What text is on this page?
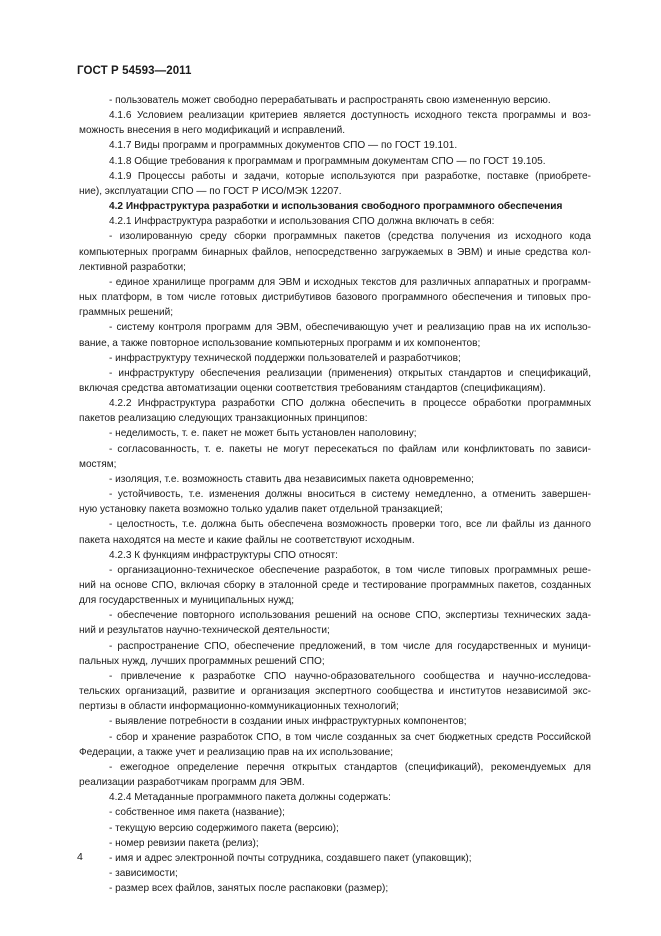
ГОСТ Р 54593—2011
- пользователь может свободно перерабатывать и распространять свою измененную версию.
4.1.6 Условием реализации критериев является доступность исходного текста программы и воз-
можность внесения в него модификаций и исправлений.
4.1.7 Виды программ и программных документов СПО — по ГОСТ 19.101.
4.1.8 Общие требования к программам и программным документам СПО — по ГОСТ 19.105.
4.1.9 Процессы работы и задачи, которые используются при разработке, поставке (приобрете-
ние), эксплуатации СПО — по ГОСТ Р ИСО/МЭК 12207.
4.2 Инфраструктура разработки и использования свободного программного обеспечения
4.2.1 Инфраструктура разработки и использования СПО должна включать в себя:
- изолированную среду сборки программных пакетов (средства получения из исходного кода
компьютерных программ бинарных файлов, непосредственно загружаемых в ЭВМ) и иные средства кол-
лективной разработки;
- единое хранилище программ для ЭВМ и исходных текстов для различных аппаратных и программ-
ных платформ, в том числе готовых дистрибутивов базового программного обеспечения и типовых про-
граммных решений;
- систему контроля программ для ЭВМ, обеспечивающую учет и реализацию прав на их использо-
вание, а также повторное использование компьютерных программ и их компонентов;
- инфраструктуру технической поддержки пользователей и разработчиков;
- инфраструктуру обеспечения реализации (применения) открытых стандартов и спецификаций,
включая средства автоматизации оценки соответствия требованиям стандартов (спецификациям).
4.2.2 Инфраструктура разработки СПО должна обеспечить в процессе обработки программных
пакетов реализацию следующих транзакционных принципов:
- неделимость, т. е. пакет не может быть установлен наполовину;
- согласованность, т. е. пакеты не могут пересекаться по файлам или конфликтовать по зависи-
мостям;
- изоляция, т.е. возможность ставить два независимых пакета одновременно;
- устойчивость, т.е. изменения должны вноситься в систему немедленно, а отменить завершен-
ную установку пакета возможно только удалив пакет отдельной транзакцией;
- целостность, т.е. должна быть обеспечена возможность проверки того, все ли файлы из данного
пакета находятся на месте и какие файлы не соответствуют исходным.
4.2.3 К функциям инфраструктуры СПО относят:
- организационно-техническое обеспечение разработок, в том числе типовых программных реше-
ний на основе СПО, включая сборку в эталонной среде и тестирование программных пакетов, созданных
для государственных и муниципальных нужд;
- обеспечение повторного использования решений на основе СПО, экспертизы технических зада-
ний и результатов научно-технической деятельности;
- распространение СПО, обеспечение предложений, в том числе для государственных и муници-
пальных нужд, лучших программных решений СПО;
- привлечение к разработке СПО научно-образовательного сообщества и научно-исследова-
тельских организаций, развитие и организация экспертного сообщества и институтов независимой экс-
пертизы в области информационно-коммуникационных технологий;
- выявление потребности в создании иных инфраструктурных компонентов;
- сбор и хранение разработок СПО, в том числе созданных за счет бюджетных средств Российской
Федерации, а также учет и реализацию прав на их использование;
- ежегодное определение перечня открытых стандартов (спецификаций), рекомендуемых для
реализации разработчикам программ для ЭВМ.
4.2.4 Метаданные программного пакета должны содержать:
- собственное имя пакета (название);
- текущую версию содержимого пакета (версию);
- номер ревизии пакета (релиз);
- имя и адрес электронной почты сотрудника, создавшего пакет (упаковщик);
- зависимости;
- размер всех файлов, занятых после распаковки (размер);
4
